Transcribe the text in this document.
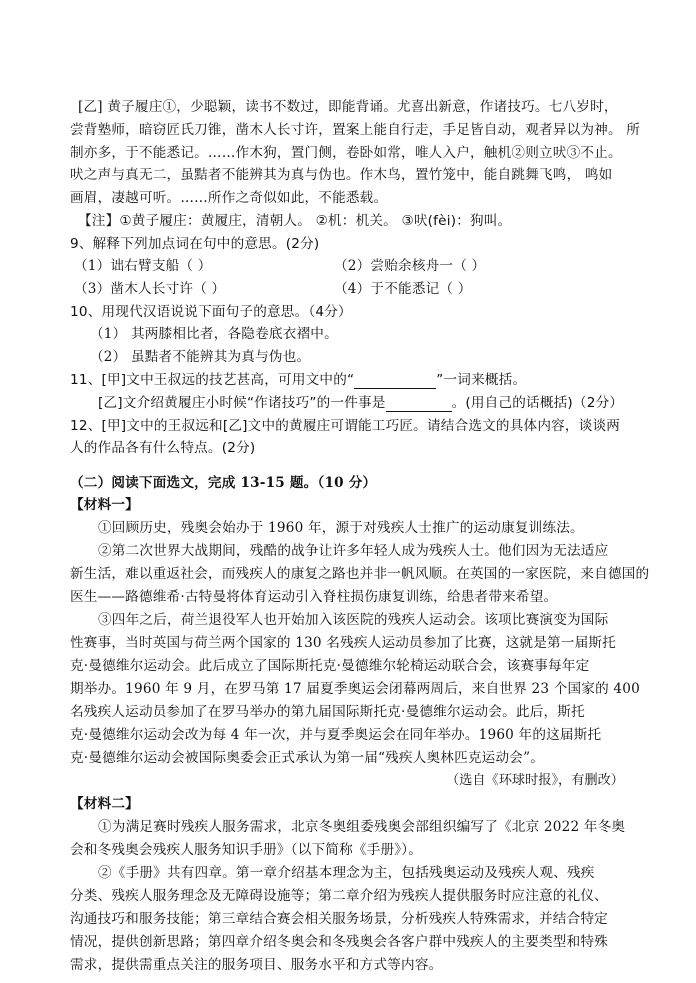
[乙] 黄子履庄①，少聪颖，读书不数过，即能背诵。尤喜出新意，作诸技巧。七八岁时，
尝背塾师，暗窃匠氏刀锥，凿木人长寸许，置案上能自行走，手足皆自动，观者异以为神。 所
制亦多，于不能悉记。……作木狗，置门侧，卷卧如常，唯人入户，触机②则立吠③不止。
吠之声与真无二，虽黠者不能辨其为真与伪也。作木鸟，置竹笼中，能自跳舞飞鸣， 鸣如
画眉，凄越可听。……所作之奇似如此，不能悉载。
【注】①黄子履庄：黄履庄，清朝人。 ②机：机关。 ③吠(fèi)：狗叫。
9、解释下列加点词在句中的意思。(2分)
（1）诎右臂支船（ ）	（2）尝贻余核舟一（ ）
（3）凿木人长寸许（ ）	（4）于不能悉记（ ）
10、用现代汉语说说下面句子的意思。（4分）
（1） 其两膝相比者，各隐卷底衣褶中。
（2） 虽黠者不能辨其为真与伪也。
11、[甲]文中王叔远的技艺甚高，可用文中的“	”一词来概括。
[乙]文介绍黄履庄小时候“作诸技巧”的一件事是	。(用自己的话概括)（2分）
12、[甲]文中的王叔远和[乙]文中的黄履庄可谓能工巧匠。请结合选文的具体内容，谈谈两
人的作品各有什么特点。(2分)
（二）阅读下面选文，完成 13-15 题。（10 分）
【材料一】
①回顾历史，残奥会始办于 1960 年，源于对残疾人士推广的运动康复训练法。
②第二次世界大战期间，残酷的战争让许多年轻人成为残疾人士。他们因为无法适应
新生活，难以重返社会，而残疾人的康复之路也并非一帆风顺。在英国的一家医院，来自德国的
医生——路德维希·古特曼将体育运动引入脊柱损伤康复训练，给患者带来希望。
③四年之后，荷兰退役军人也开始加入该医院的残疾人运动会。该项比赛演变为国际
性赛事，当时英国与荷兰两个国家的 130 名残疾人运动员参加了比赛，这就是第一届斯托
克·曼德维尔运动会。此后成立了国际斯托克·曼德维尔轮椅运动联合会，该赛事每年定
期举办。1960 年 9 月，在罗马第 17 届夏季奥运会闭幕两周后，来自世界 23 个国家的 400
名残疾人运动员参加了在罗马举办的第九届国际斯托克·曼德维尔运动会。此后，斯托
克·曼德维尔运动会改为每 4 年一次，并与夏季奥运会在同年举办。1960 年的这届斯托
克·曼德维尔运动会被国际奥委会正式承认为第一届“残疾人奥林匹克运动会”。
（选自《环球时报》，有删改）
【材料二】
①为满足赛时残疾人服务需求，北京冬奥组委残奥会部组织编写了《北京 2022 年冬奥
会和冬残奥会残疾人服务知识手册》（以下简称《手册》）。
②《手册》共有四章。第一章介绍基本理念为主，包括残奥运动及残疾人观、残疾
分类、残疾人服务理念及无障碍设施等；第二章介绍为残疾人提供服务时应注意的礼仪、
沟通技巧和服务技能；第三章结合赛会相关服务场景，分析残疾人特殊需求，并结合特定
情况，提供创新思路；第四章介绍冬奥会和冬残奥会各客户群中残疾人的主要类型和特殊
需求，提供需重点关注的服务项目、服务水平和方式等内容。
